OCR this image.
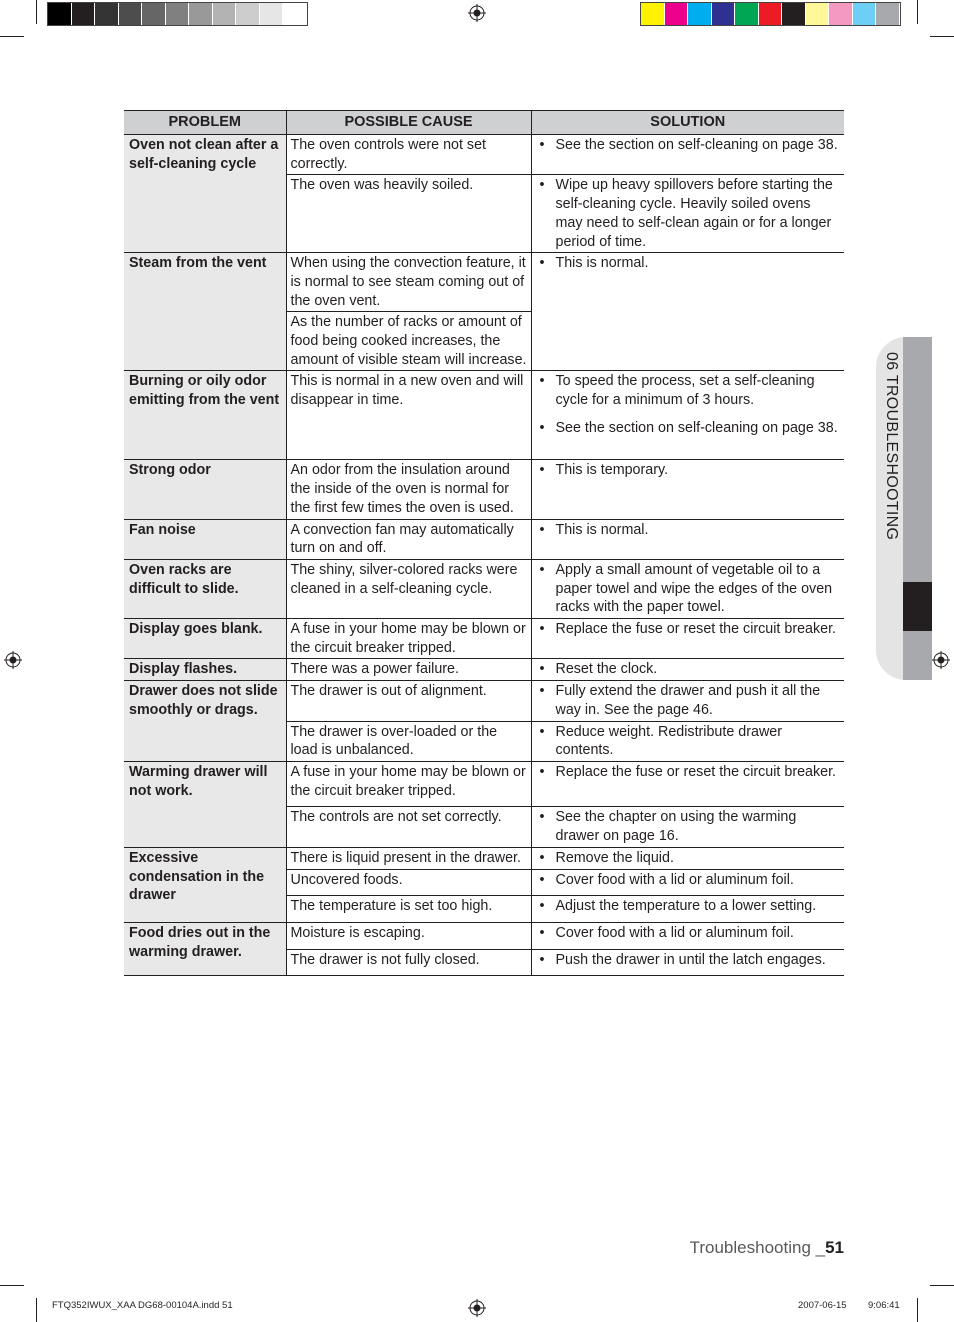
PROBLEM	POSSIBLE CAUSE	SOLUTION
Oven not clean after a self-cleaning cycle	The oven controls were not set correctly.	• See the section on self-cleaning on page 38.

	The oven was heavily soiled.	• Wipe up heavy spillovers before starting the self-cleaning cycle. Heavily soiled ovens may need to self-clean again or for a longer period of time.

Steam from the vent	When using the convection feature, it is normal to see steam coming out of the oven vent.	• This is normal.

	As the number of racks or amount of food being cooked increases, the amount of visible steam will increase.	
Burning or oily odor emitting from the vent	This is normal in a new oven and will disappear in time.	• To speed the process, set a self-cleaning cycle for a minimum of 3 hours.
• See the section on self-cleaning on page 38.

Strong odor	An odor from the insulation around the inside of the oven is normal for the first few times the oven is used.	• This is temporary.

Fan noise	A convection fan may automatically turn on and off.	• This is normal.

Oven racks are difficult to slide.	The shiny, silver-colored racks were cleaned in a self-cleaning cycle.	• Apply a small amount of vegetable oil to a paper towel and wipe the edges of the oven racks with the paper towel.

Display goes blank.	A fuse in your home may be blown or the circuit breaker tripped.	• Replace the fuse or reset the circuit breaker.

Display flashes.	There was a power failure.	• Reset the clock.

Drawer does not slide smoothly or drags.	The drawer is out of alignment.	• Fully extend the drawer and push it all the way in. See the page 46.

	The drawer is over-loaded or the load is unbalanced.	• Reduce weight. Redistribute drawer contents.

Warming drawer will not work.	A fuse in your home may be blown or the circuit breaker tripped.	• Replace the fuse or reset the circuit breaker.

	The controls are not set correctly.	• See the chapter on using the warming drawer on page 16.

Excessive condensation in the drawer	There is liquid present in the drawer.	• Remove the liquid.

	Uncovered foods.	• Cover food with a lid or aluminum foil.

	The temperature is set too high.	• Adjust the temperature to a lower setting.

Food dries out in the warming drawer.	Moisture is escaping.	• Cover food with a lid or aluminum foil.

	The drawer is not fully closed.	• Push the drawer in until the latch engages.
06 TROUBLESHOOTING
Troubleshooting _51
FTQ352IWUX_XAA DG68-00104A.indd 51	2007-06-15 9:06:41
